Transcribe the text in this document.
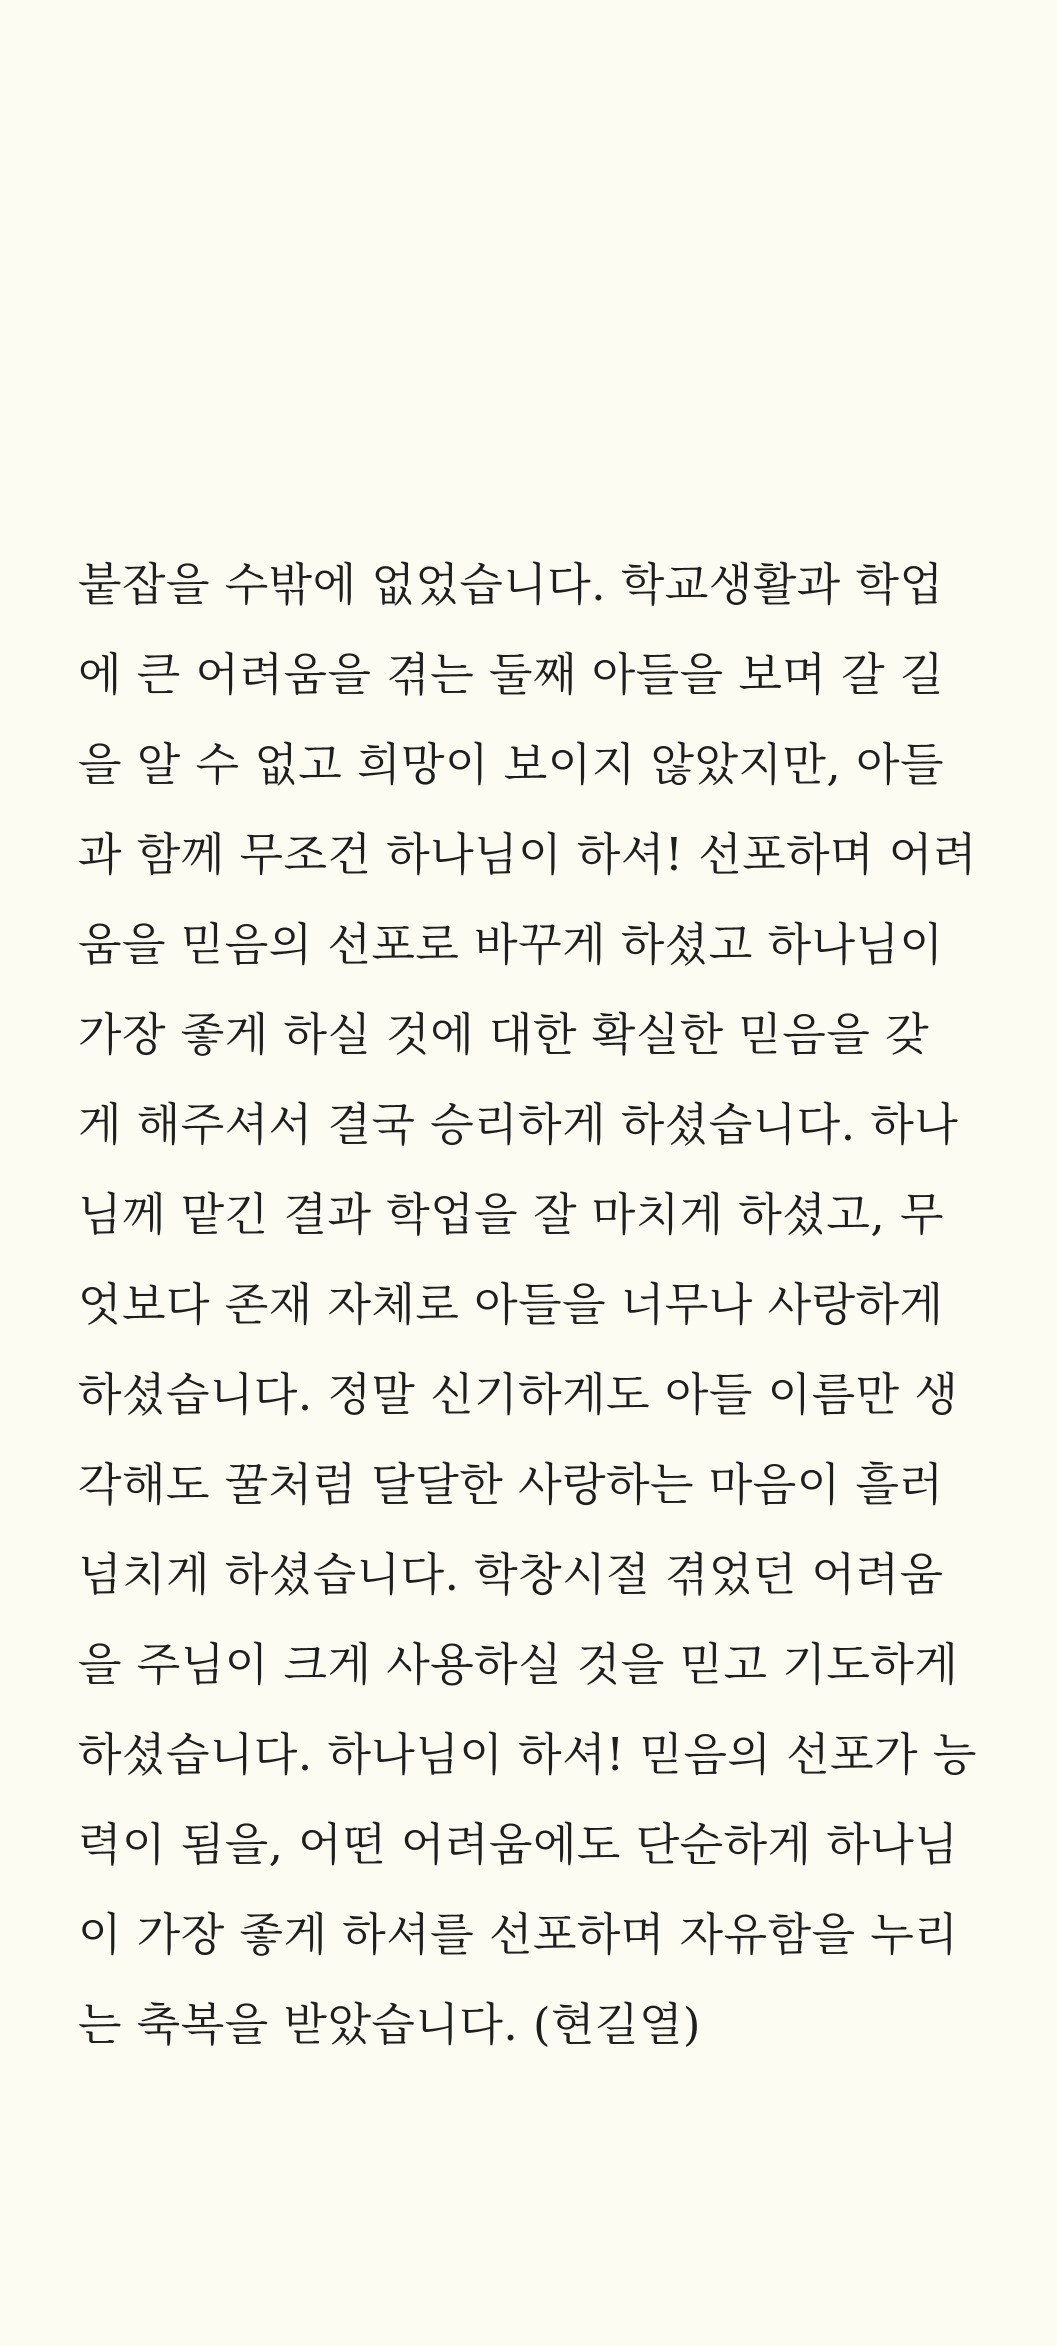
붙잡을 수밖에 없었습니다. 학교생활과 학업
에 큰 어려움을 겪는 둘째 아들을 보며 갈 길
을 알 수 없고 희망이 보이지 않았지만, 아들
과 함께 무조건 하나님이 하셔! 선포하며 어려
움을 믿음의 선포로 바꾸게 하셨고 하나님이
가장 좋게 하실 것에 대한 확실한 믿음을 갖
게 해주셔서 결국 승리하게 하셨습니다. 하나
님께 맡긴 결과 학업을 잘 마치게 하셨고, 무
엇보다 존재 자체로 아들을 너무나 사랑하게
하셨습니다. 정말 신기하게도 아들 이름만 생
각해도 꿀처럼 달달한 사랑하는 마음이 흘러
넘치게 하셨습니다. 학창시절 겪었던 어려움
을 주님이 크게 사용하실 것을 믿고 기도하게
하셨습니다. 하나님이 하셔! 믿음의 선포가 능
력이 됨을, 어떤 어려움에도 단순하게 하나님
이 가장 좋게 하셔를 선포하며 자유함을 누리
는 축복을 받았습니다. (현길열)
